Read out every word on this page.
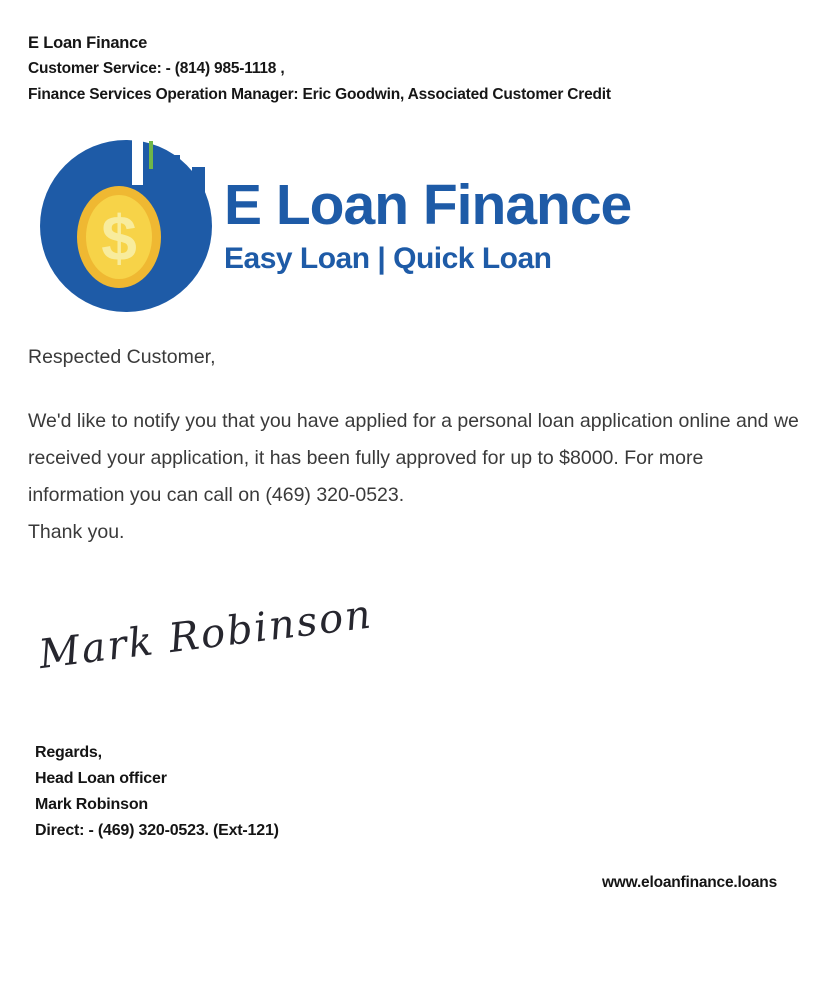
E Loan Finance
Customer Service: - (814) 985-1118 ,
Finance Services Operation Manager: Eric Goodwin, Associated Customer Credit
$ E Loan Finance
Easy Loan | Quick Loan
Respected Customer,
We'd like to notify you that you have applied for a personal loan application online and we received your application, it has been fully approved for up to $8000. For more information you can call on (469) 320-0523.
Thank you.
Mark Robinson
Regards,
Head Loan officer
Mark Robinson
Direct: - (469) 320-0523. (Ext-121)
www.eloanfinance.loans
